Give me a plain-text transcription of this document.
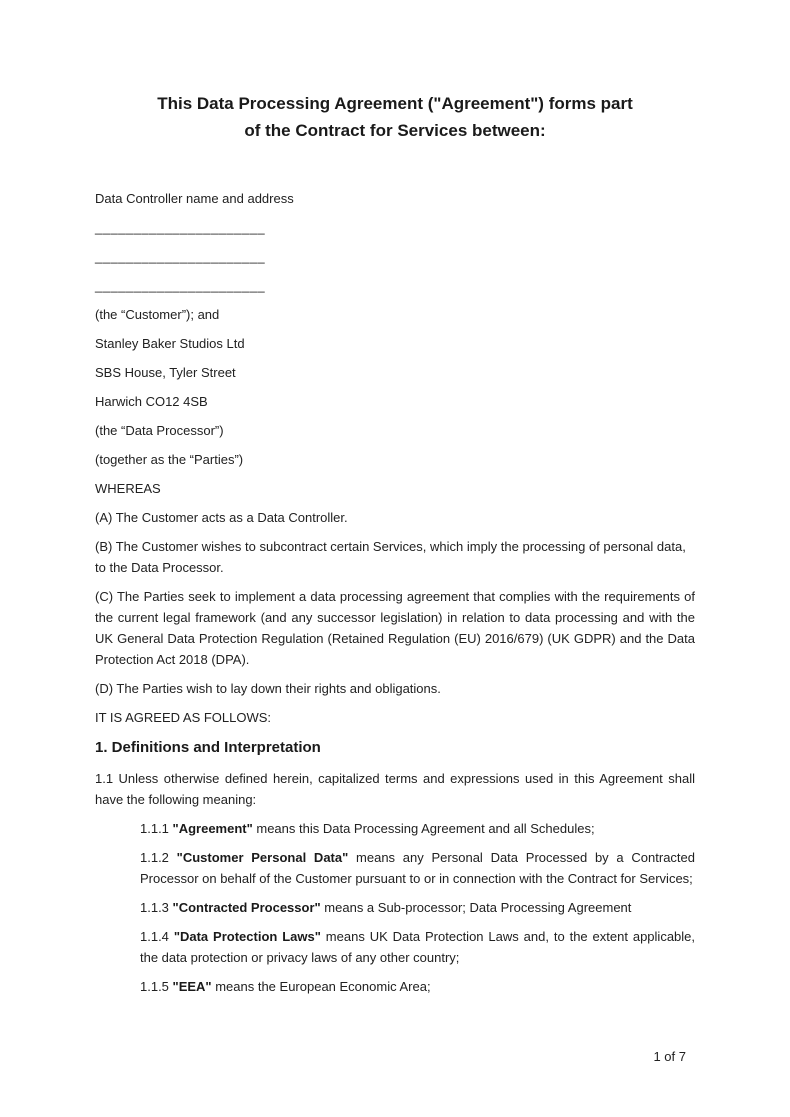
This Data Processing Agreement ("Agreement") forms part
of the Contract for Services between:

Data Controller name and address

______________________

______________________

______________________

(the “Customer”); and

Stanley Baker Studios Ltd

SBS House, Tyler Street

Harwich CO12 4SB

(the “Data Processor”)

(together as the “Parties”)

WHEREAS

(A) The Customer acts as a Data Controller.

(B) The Customer wishes to subcontract certain Services, which imply the processing of personal data, to the Data Processor.

(C) The Parties seek to implement a data processing agreement that complies with the requirements of the current legal framework (and any successor legislation) in relation to data processing and with the UK General Data Protection Regulation (Retained Regulation (EU) 2016/679) (UK GDPR) and the Data Protection Act 2018 (DPA).

(D) The Parties wish to lay down their rights and obligations.

IT IS AGREED AS FOLLOWS:

1. Definitions and Interpretation

1.1 Unless otherwise defined herein, capitalized terms and expressions used in this Agreement shall have the following meaning:

1.1.1 "Agreement" means this Data Processing Agreement and all Schedules;

1.1.2 "Customer Personal Data" means any Personal Data Processed by a Contracted Processor on behalf of the Customer pursuant to or in connection with the Contract for Services;

1.1.3 "Contracted Processor" means a Sub-processor; Data Processing Agreement

1.1.4 "Data Protection Laws" means UK Data Protection Laws and, to the extent applicable, the data protection or privacy laws of any other country;

1.1.5 "EEA" means the European Economic Area;

1 of 7
